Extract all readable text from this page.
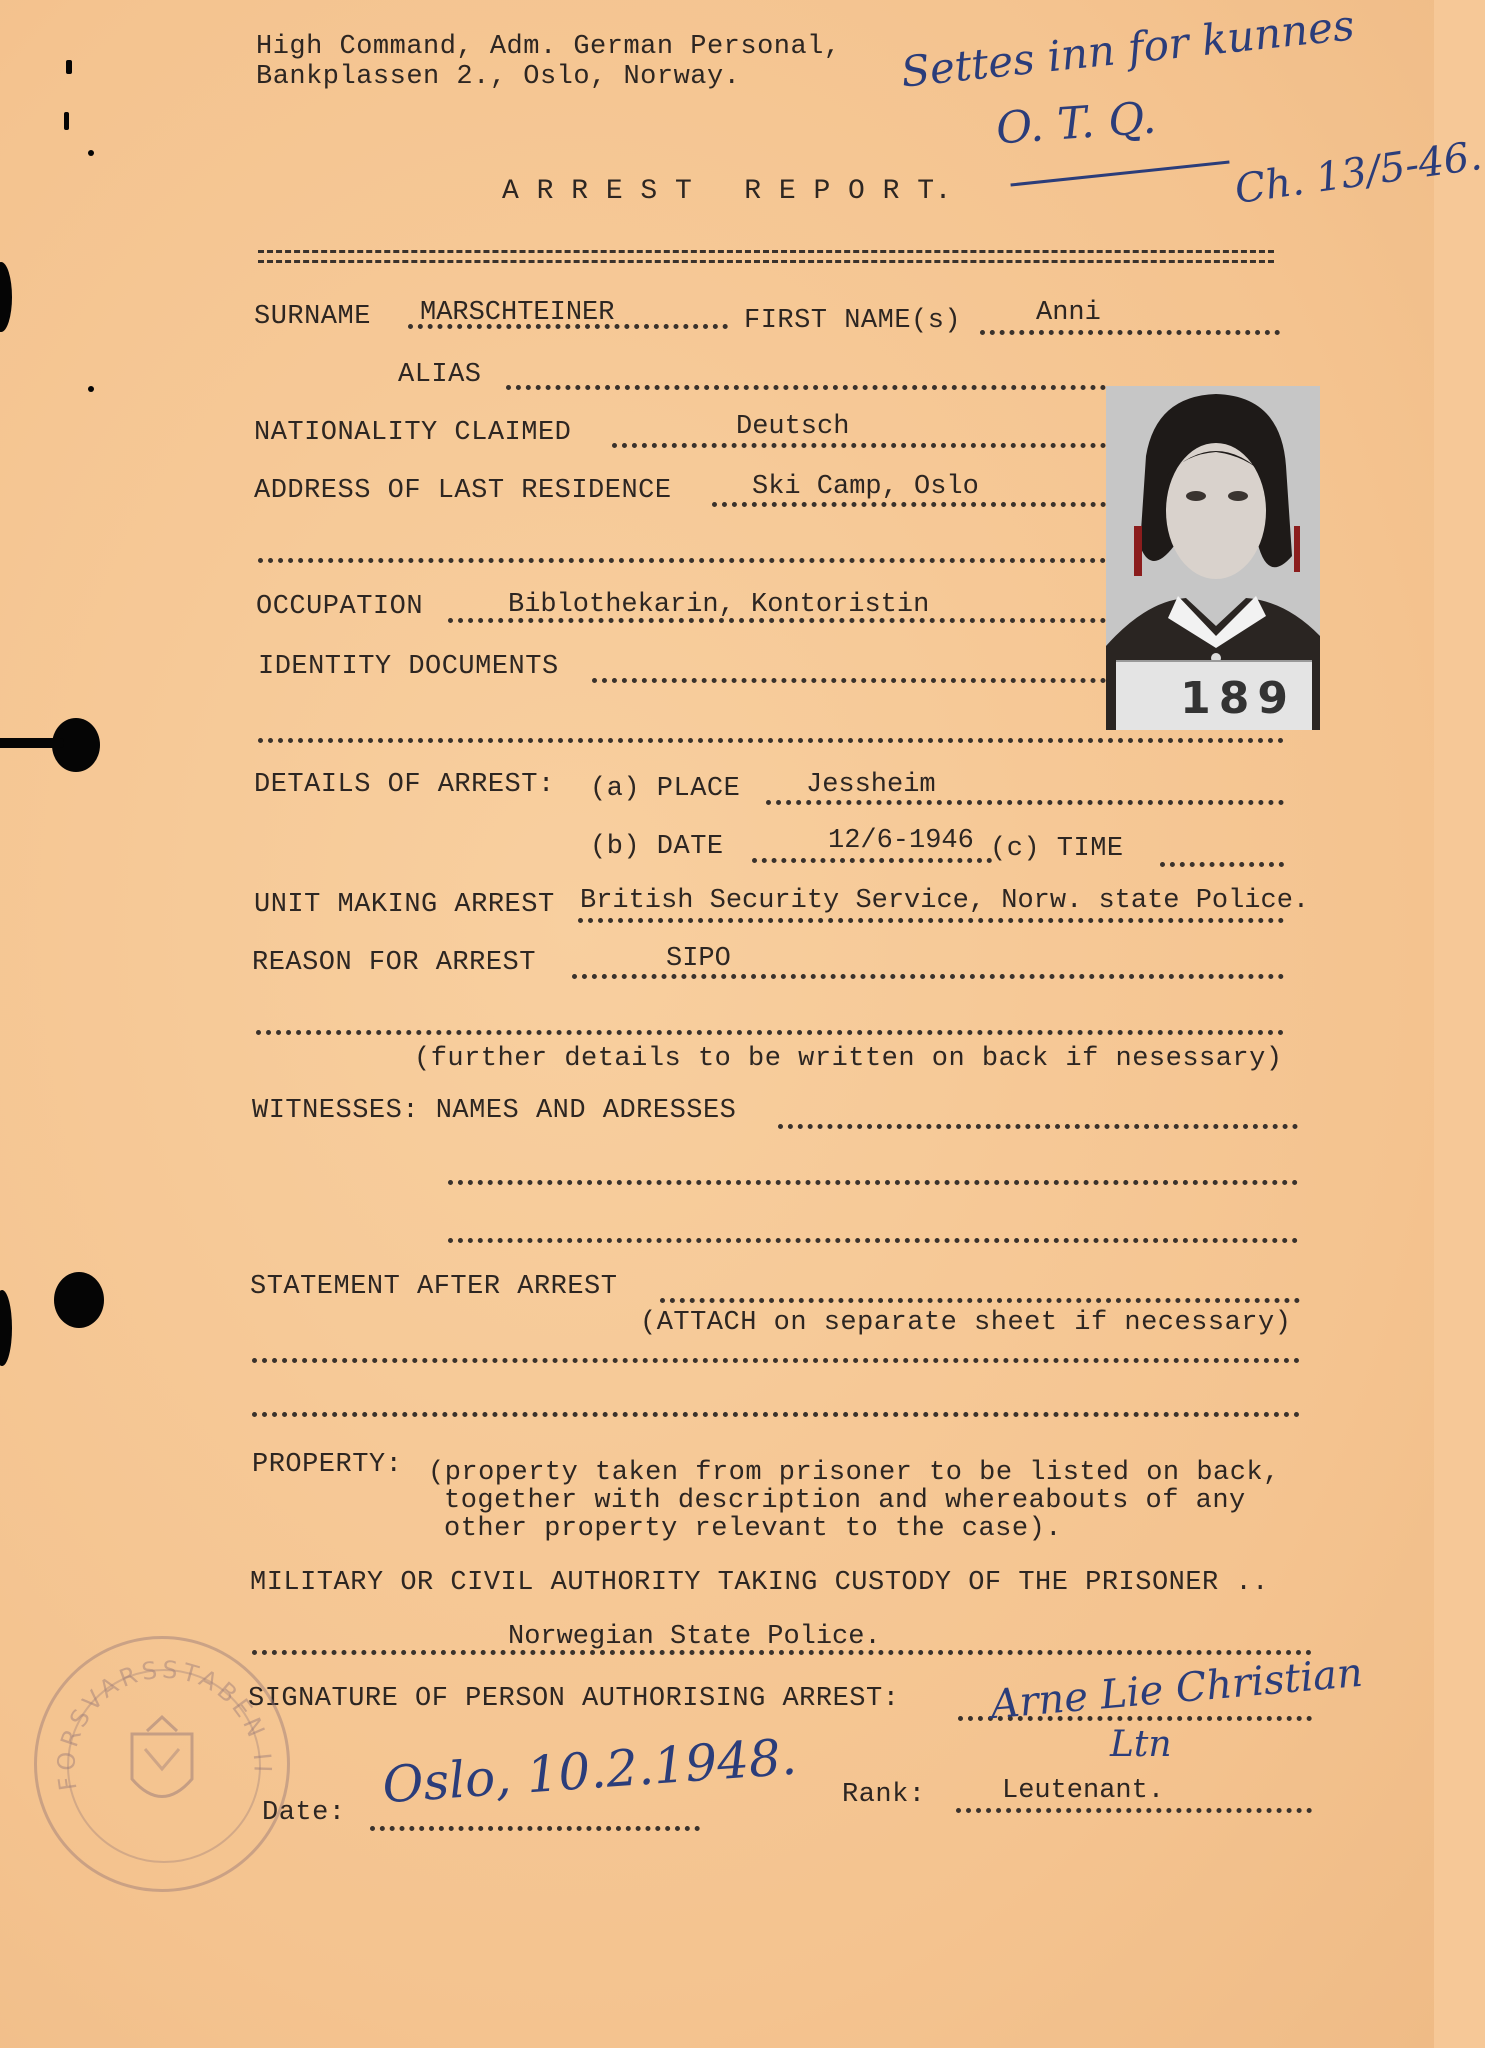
High Command, Adm. German Personal,
Bankplassen 2., Oslo, Norway.
A R R E S T   R E P O R T.
Settes inn for kunnes
O. T. Q.
Ch. 13/5-46.
SURNAME MARSCHTEINER	FIRST NAME(s)	Anni
ALIAS
NATIONALITY CLAIMED	Deutsch
ADDRESS OF LAST RESIDENCE	Ski Camp, Oslo
OCCUPATION	Biblothekarin, Kontoristin
IDENTITY DOCUMENTS
189
DETAILS OF ARREST: (a) PLACE Jessheim
(b) DATE	12/6-1946 (c) TIME
UNIT MAKING ARREST British Security Service, Norw. state Police.
REASON FOR ARREST	SIPO
(further details to be written on back if nesessary)
WITNESSES: NAMES AND ADRESSES
STATEMENT AFTER ARREST
(ATTACH on separate sheet if necessary)
PROPERTY: (property taken from prisoner to be listed on back,
together with description and whereabouts of any
other property relevant to the case).
MILITARY OR CIVIL AUTHORITY TAKING CUSTODY OF THE PRISONER ..
Norwegian State Police.
SIGNATURE OF PERSON AUTHORISING ARREST: Arne Lie Christian
Ltn
Date: Oslo, 10.2.1948. Rank:	Leutenant.
FORSVARSSTABEN II
